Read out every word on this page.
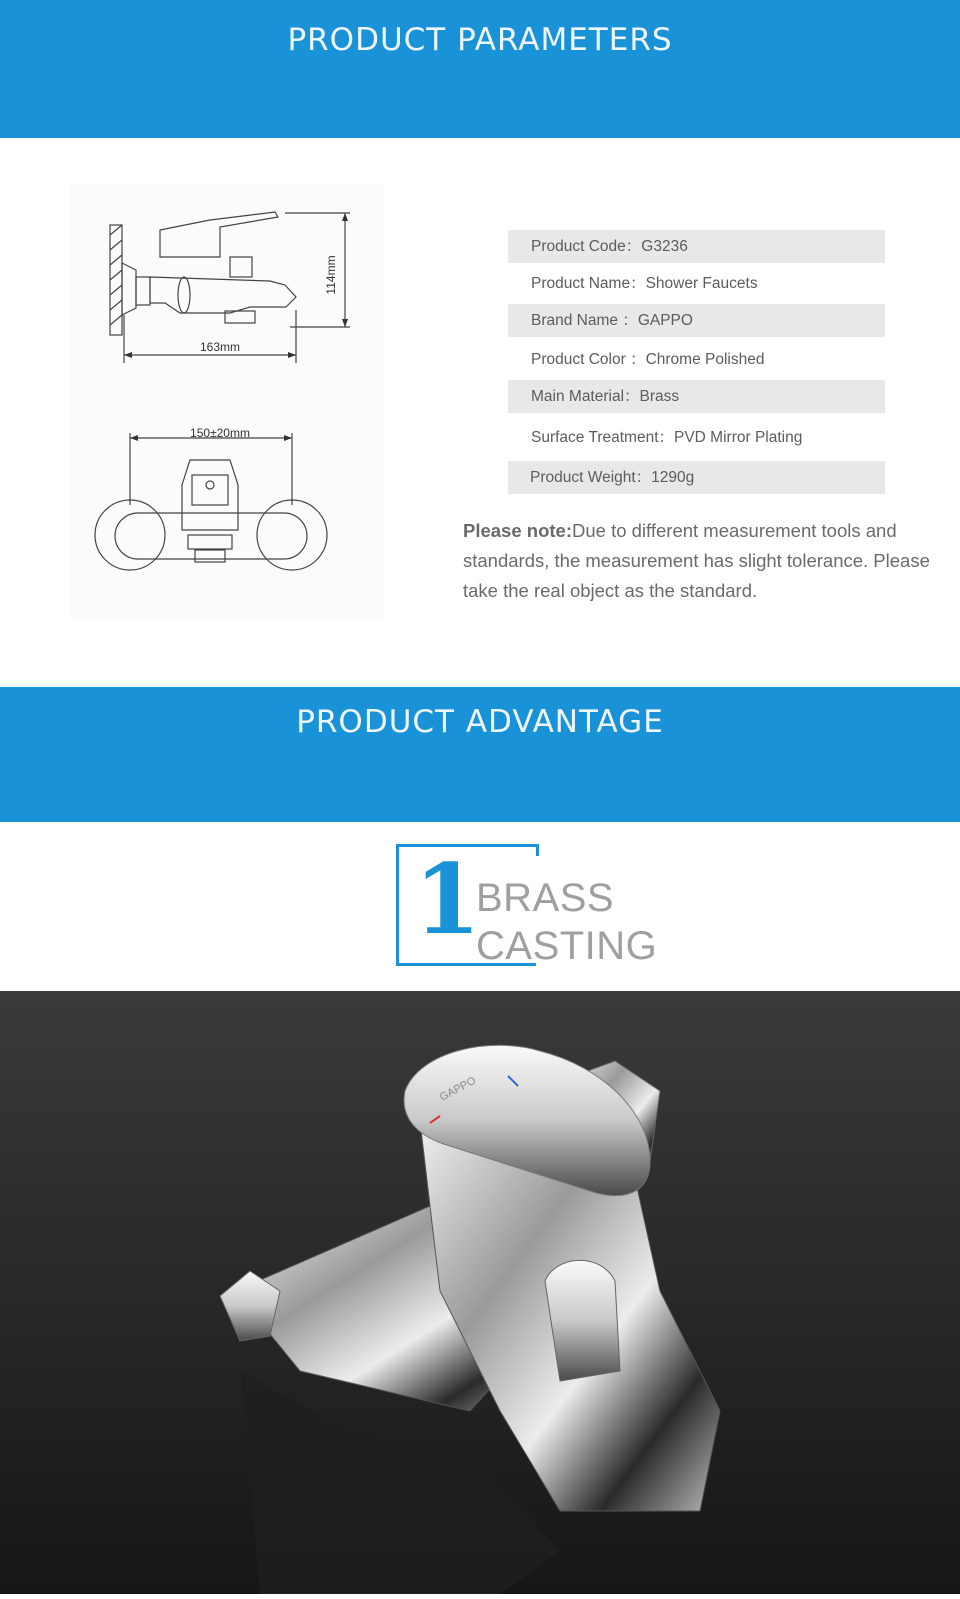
PRODUCT PARAMETERS
​
114mm
163mm
150±20mm
Product Code：G3236
Product Name：Shower Faucets
Brand Name ：GAPPO
Product Color ：Chrome Polished
Main Material：Brass
Surface Treatment：PVD Mirror Plating
Product Weight：1290g
Please note:Due to different measurement tools and standards, the measurement has slight tolerance. Please take the real object as the standard.
PRODUCT ADVANTAGE

1
BRASS
CASTING
GAPPO
